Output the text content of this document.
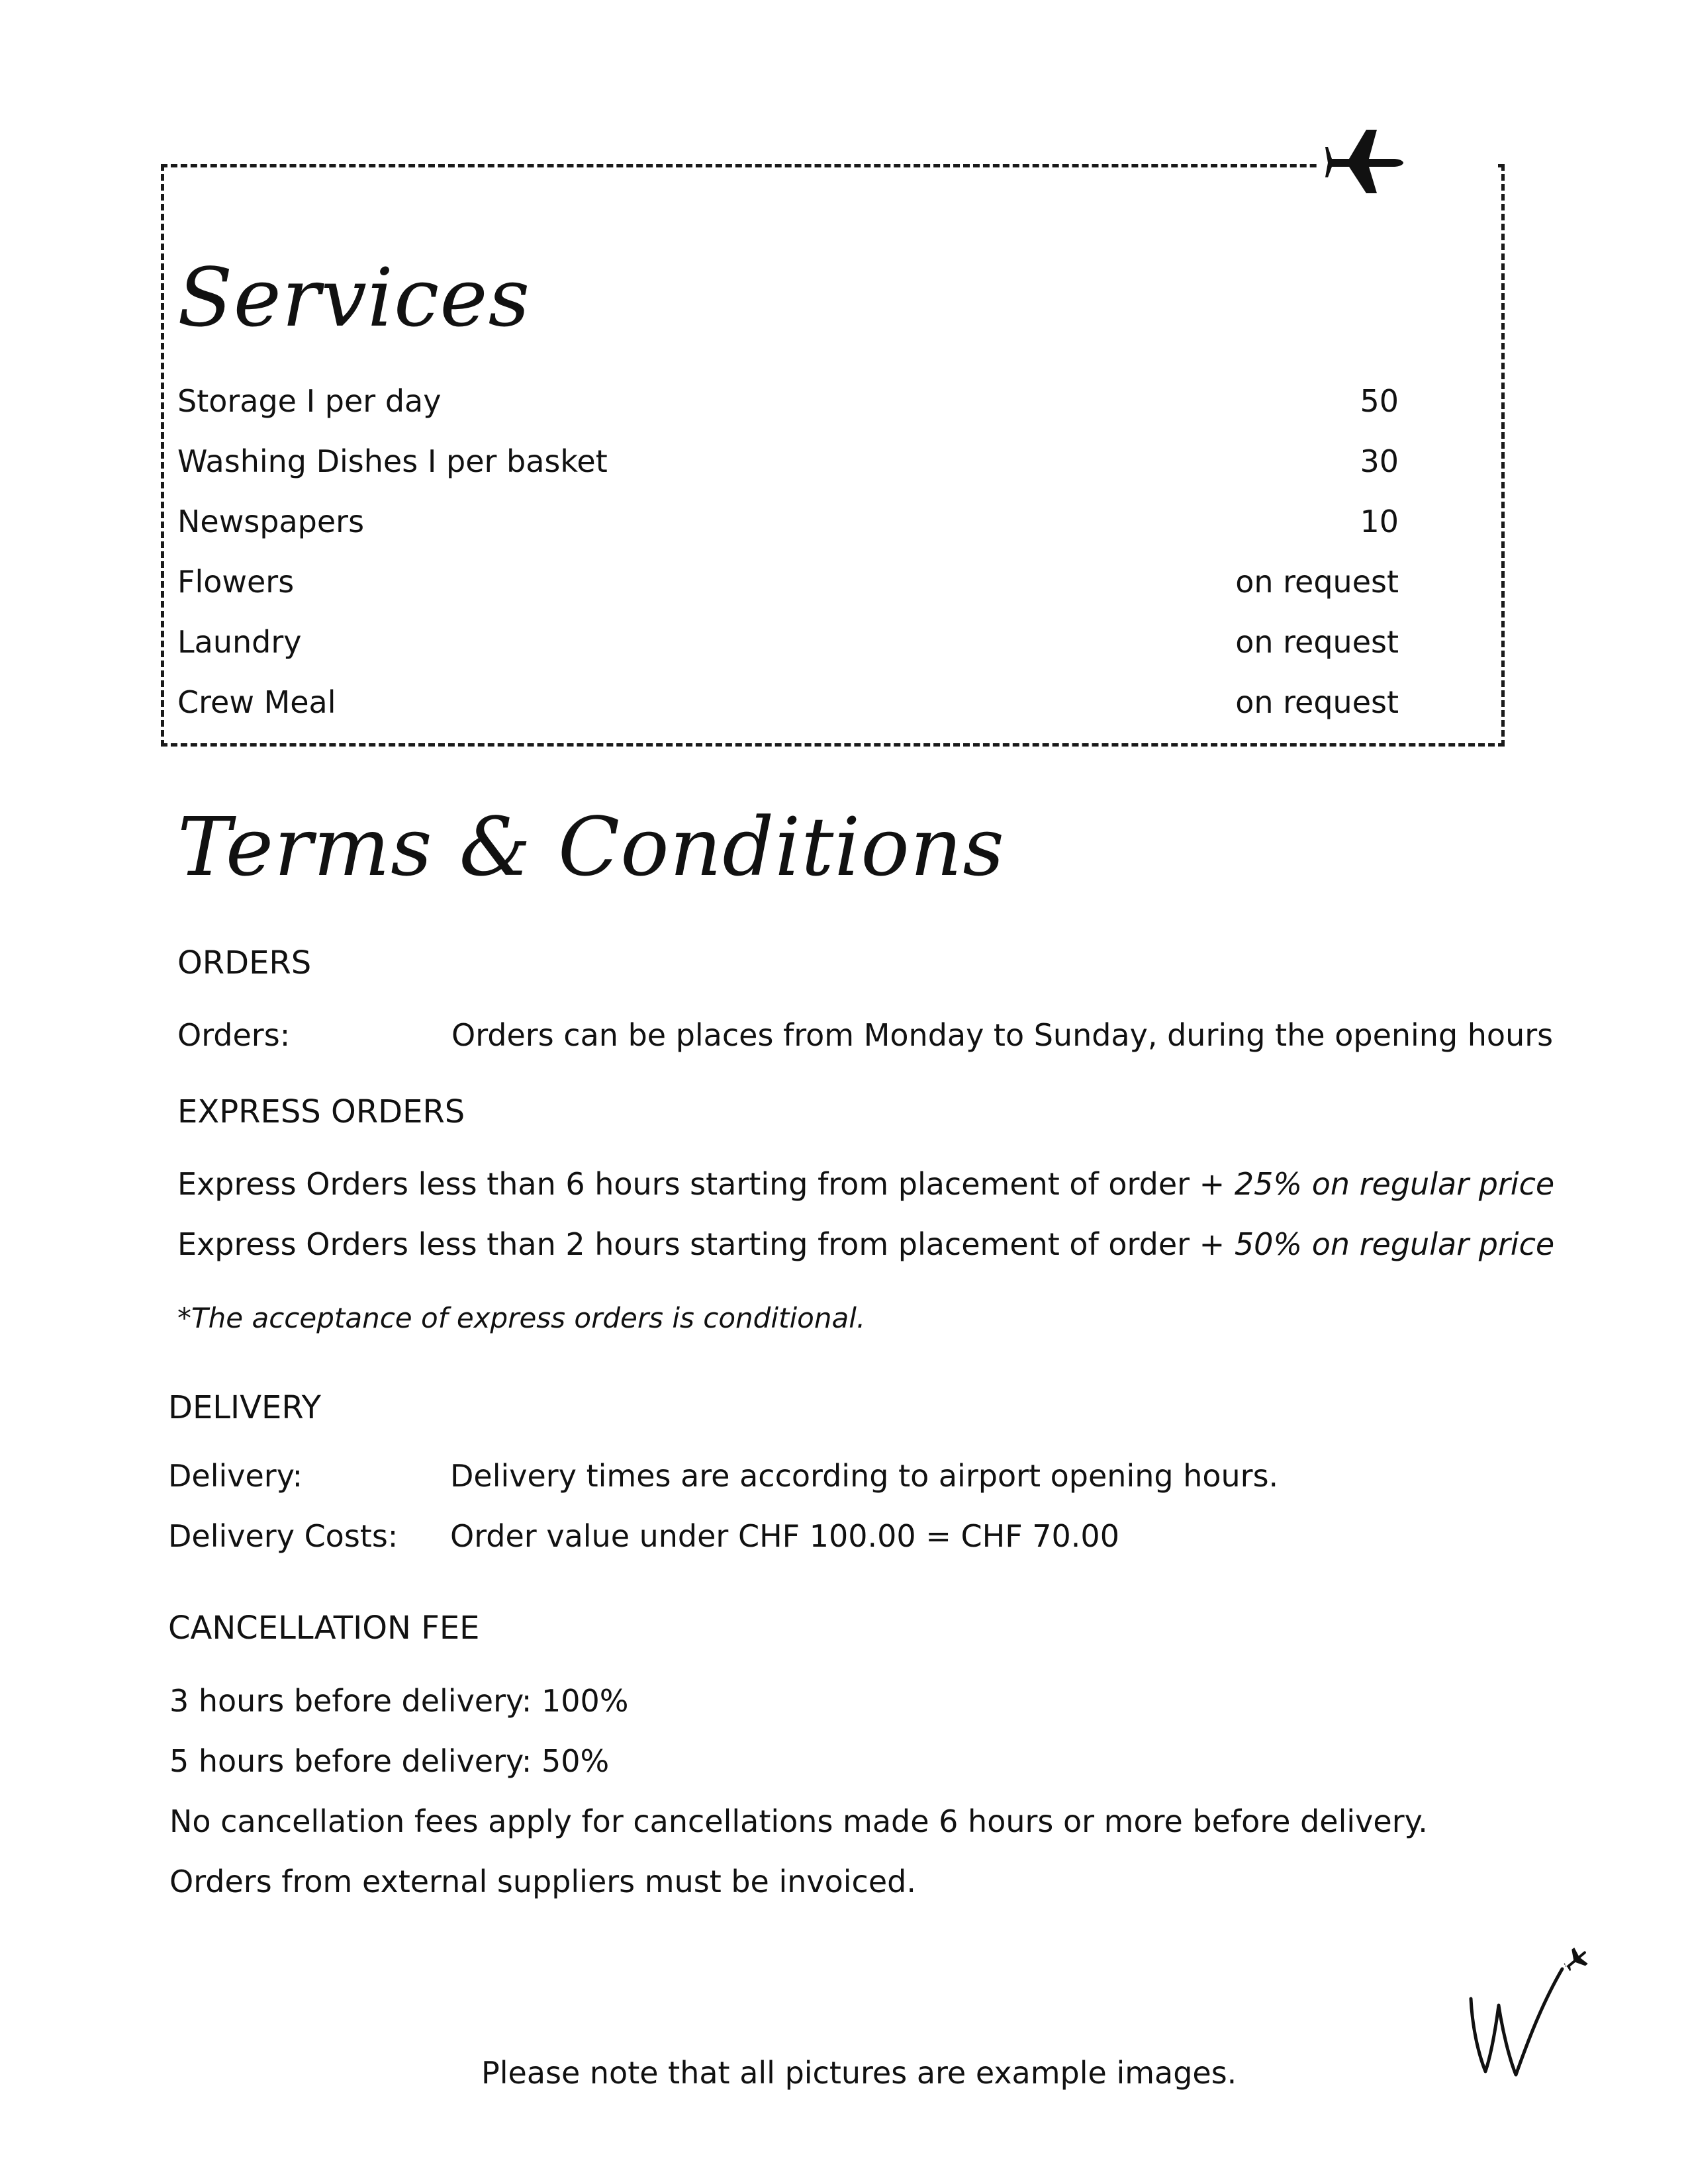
Services
Storage I per day	50
Washing Dishes I per basket	30
Newspapers	10
Flowers	on request
Laundry	on request
Crew Meal	on request
Terms & Conditions

ORDERS

Orders:	Orders can be places from Monday to Sunday, during the opening hours

EXPRESS ORDERS

Express Orders less than 6 hours starting from placement of order + 25% on regular price

Express Orders less than 2 hours starting from placement of order + 50% on regular price

*The acceptance of express orders is conditional.

DELIVERY

Delivery:	Delivery times are according to airport opening hours.

Delivery Costs: Order value under CHF 100.00 = CHF 70.00

CANCELLATION FEE

3 hours before delivery: 100%

5 hours before delivery: 50%

No cancellation fees apply for cancellations made 6 hours or more before delivery.

Orders from external suppliers must be invoiced.

Please note that all pictures are example images.
